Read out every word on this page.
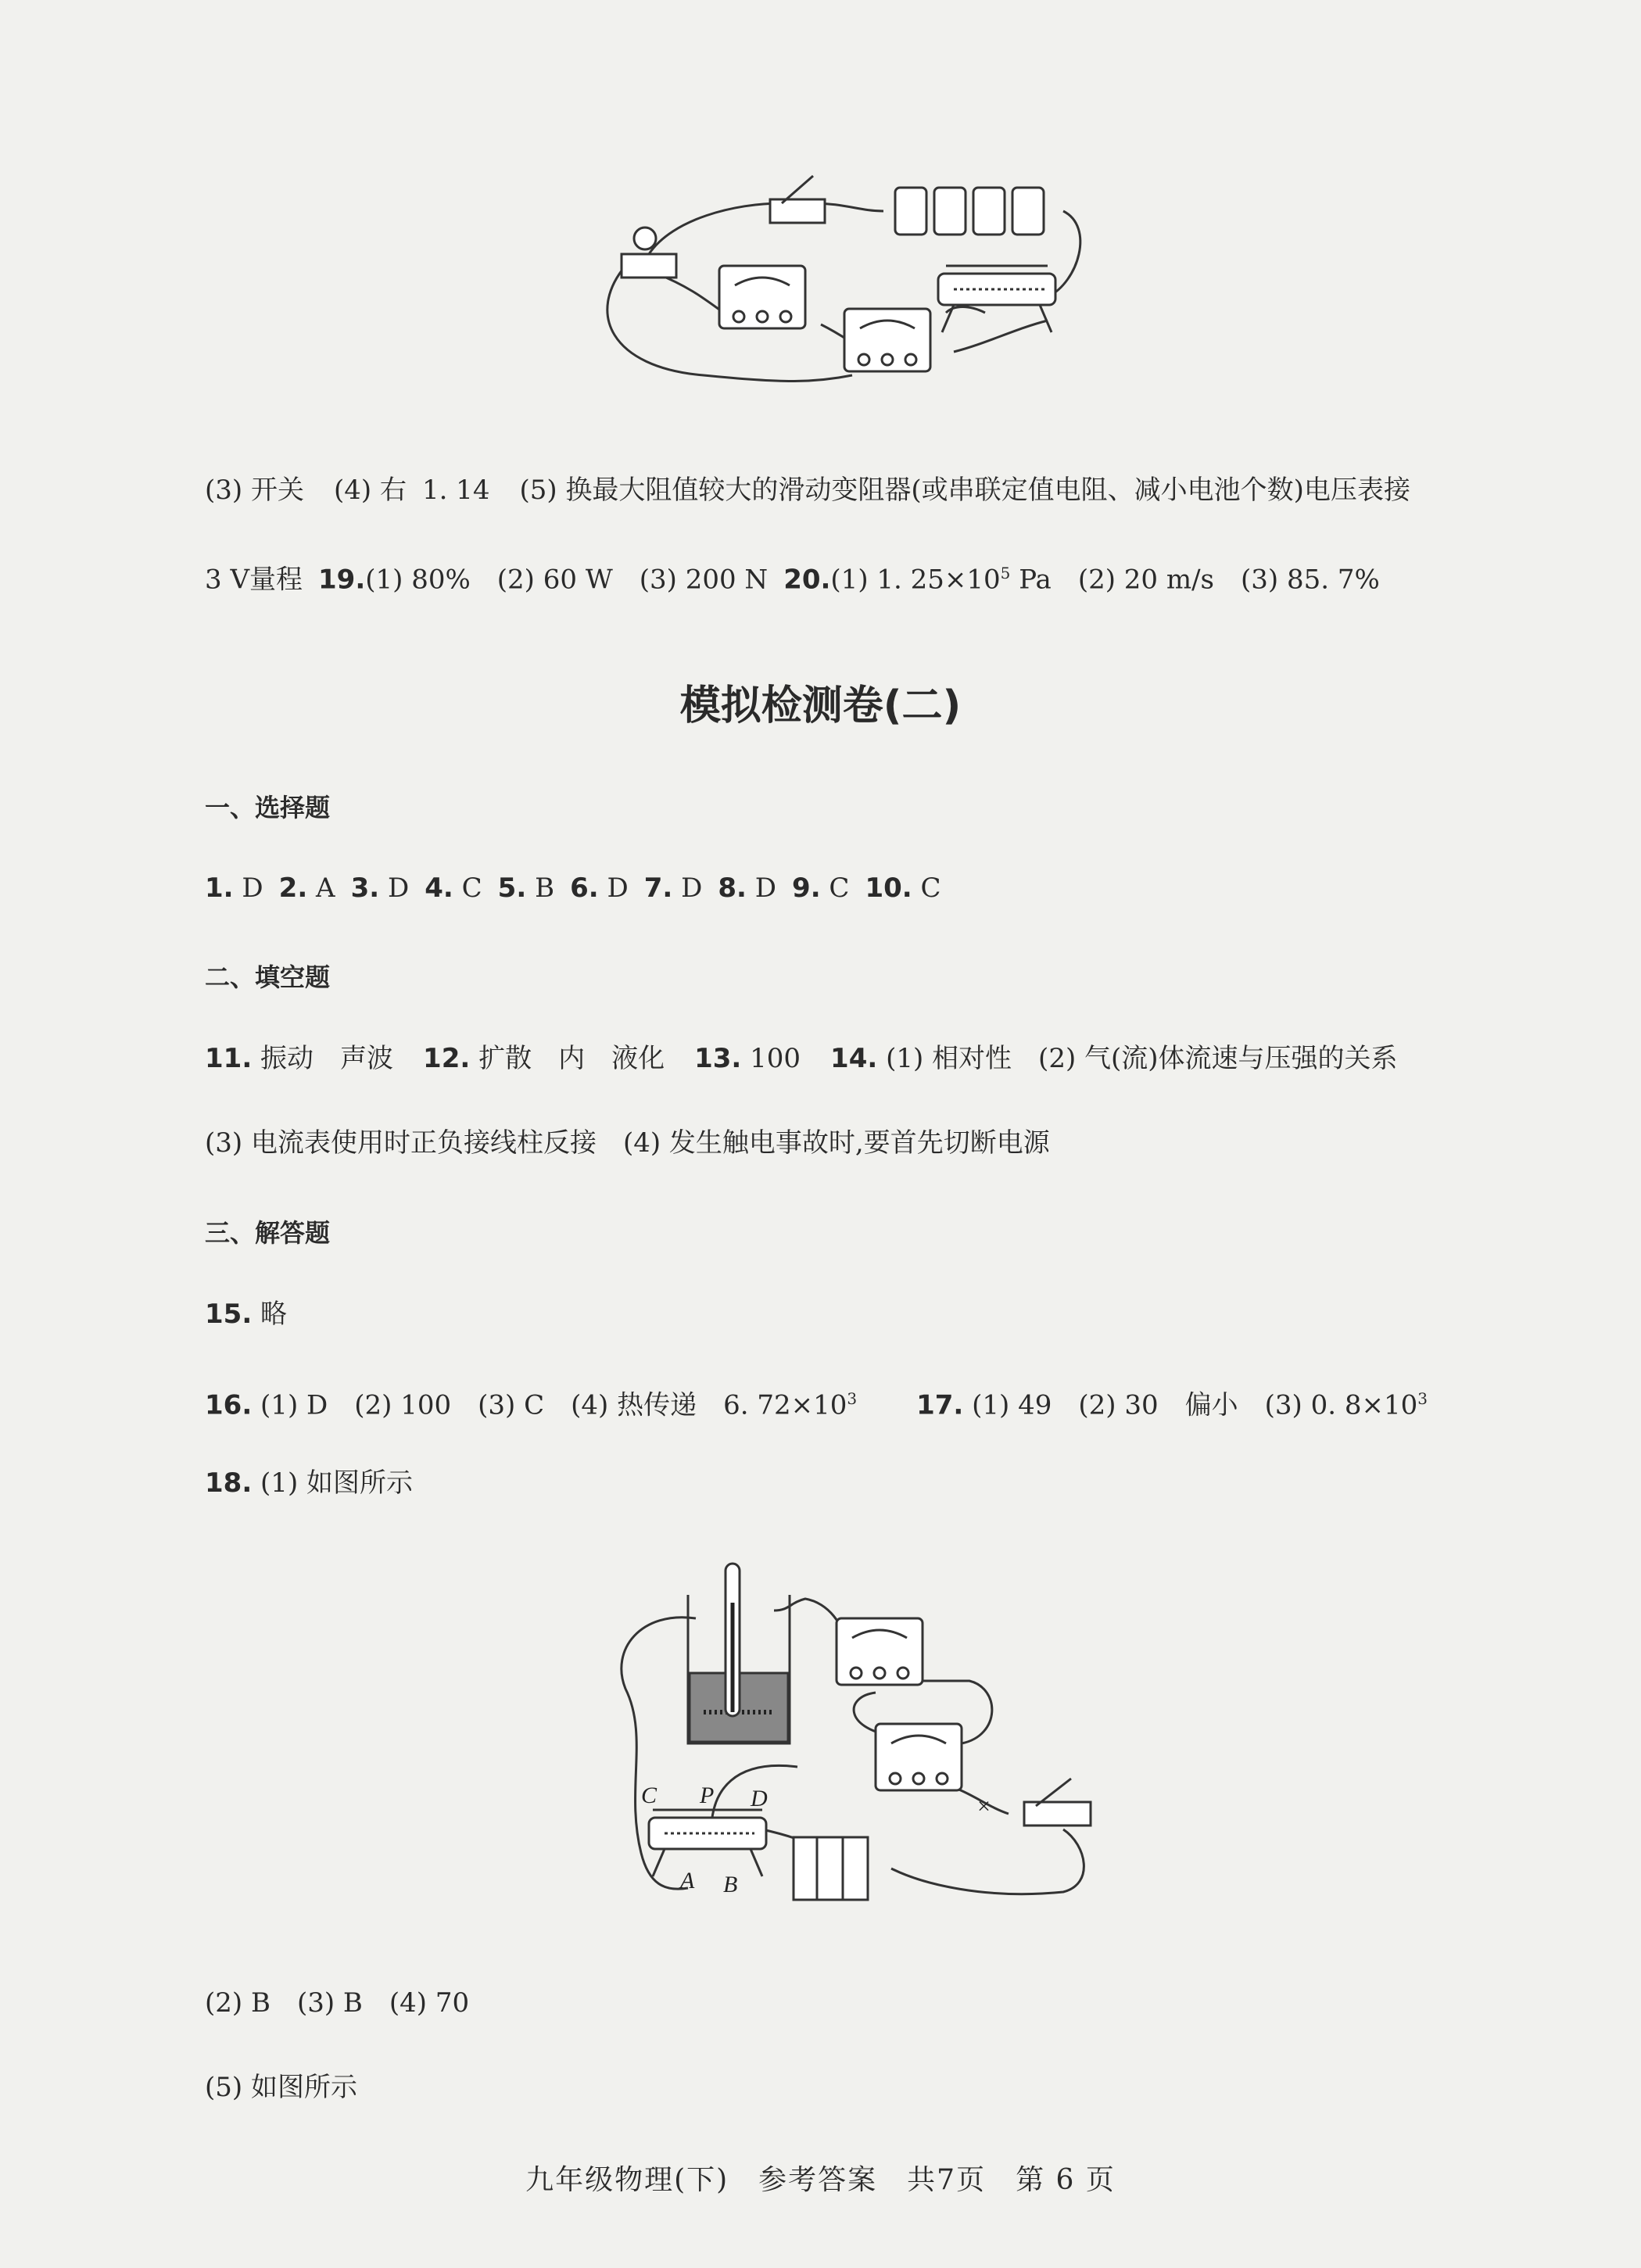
(3) 开关 (4) 右 1. 14 (5) 换最大阻值较大的滑动变阻器(或串联定值电阻、减小电池个数)电压表接
3 V量程 19.(1) 80%　(2) 60 W　(3) 200 N 20.(1) 1. $25\times 10^5$ Pa　(2) 20 m/s　(3) 85. 7%
模拟检测卷(二)
一、选择题
1. D 2. A 3. D 4. C 5. B 6. D 7. D 8. D 9. C 10. C
二、填空题
11. 振动　声波 12. 扩散　内　液化 13. 100 14. (1) 相对性　(2) 气(流)体流速与压强的关系
(3) 电流表使用时正负接线柱反接　(4) 发生触电事故时,要首先切断电源
三、解答题
15. 略
16. (1) D　(2) 100　(3) C　(4) 热传递　6. $72\times 10^3$ 17. (1) 49　(2) 30　偏小　(3) 0. $8\times 10^3$
18. (1) 如图所示
C P D
A B
×
(2) B　(3) B　(4) 70
(5) 如图所示
九年级物理(下)　参考答案　共7页　第 6 页
